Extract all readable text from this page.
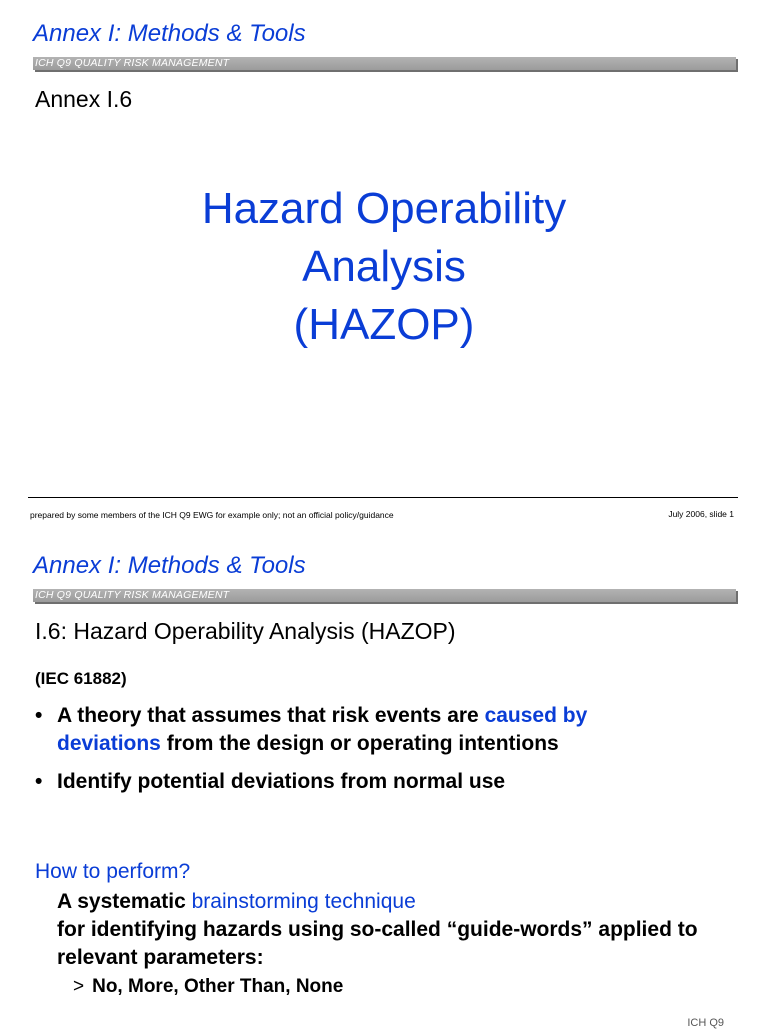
Annex I: Methods & Tools
ICH Q9 QUALITY RISK MANAGEMENT
Annex I.6
Hazard Operability
Analysis
(HAZOP)
prepared by some members of the ICH Q9 EWG for example only; not an official policy/guidance	July 2006, slide 1
Annex I: Methods & Tools
ICH Q9 QUALITY RISK MANAGEMENT
I.6: Hazard Operability Analysis (HAZOP)
(IEC 61882)
• A theory that assumes that risk events are caused by deviations from the design or operating intentions
• Identify potential deviations from normal use
How to perform?
A systematic brainstorming technique
for identifying hazards using so-called “guide-words” applied to relevant parameters:
> No, More, Other Than, None
ICH Q9
